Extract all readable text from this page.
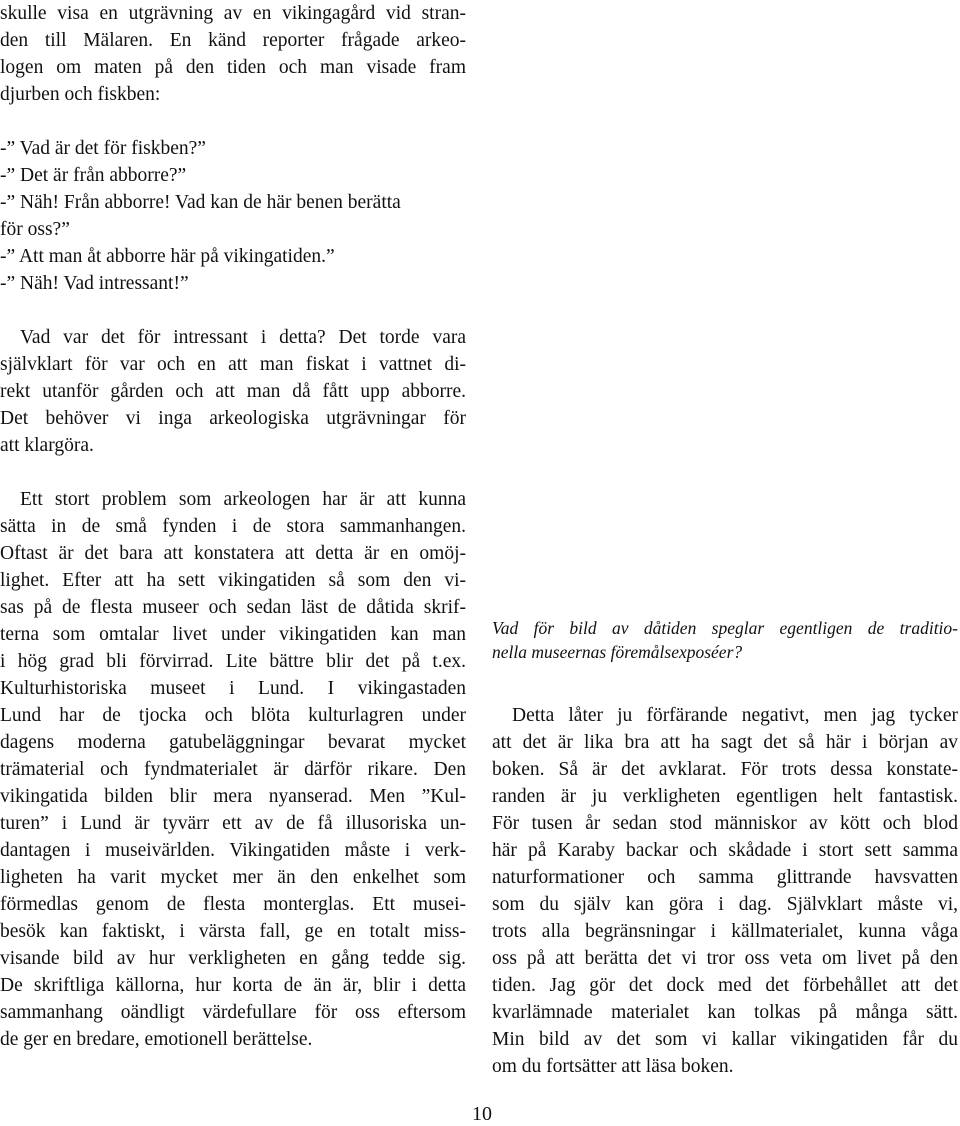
skulle visa en utgrävning av en vikingagård vid stran-
den till Mälaren. En känd reporter frågade arkeo-
logen om maten på den tiden och man visade fram
djurben och fiskben:
-” Vad är det för fiskben?”
-” Det är från abborre?”
-” Näh! Från abborre! Vad kan de här benen berätta
för oss?”
-” Att man åt abborre här på vikingatiden.”
-” Näh! Vad intressant!”
Vad var det för intressant i detta? Det torde vara
självklart för var och en att man fiskat i vattnet di-
rekt utanför gården och att man då fått upp abborre.
Det behöver vi inga arkeologiska utgrävningar för
att klargöra.
Ett stort problem som arkeologen har är att kunna
sätta in de små fynden i de stora sammanhangen.
Oftast är det bara att konstatera att detta är en omöj-
lighet. Efter att ha sett vikingatiden så som den vi-
sas på de flesta museer och sedan läst de dåtida skrif-
terna som omtalar livet under vikingatiden kan man
i hög grad bli förvirrad. Lite bättre blir det på t.ex.
Kulturhistoriska museet i Lund. I vikingastaden
Lund har de tjocka och blöta kulturlagren under
dagens moderna gatubeläggningar bevarat mycket
trämaterial och fyndmaterialet är därför rikare. Den
vikingatida bilden blir mera nyanserad. Men ”Kul-
turen” i Lund är tyvärr ett av de få illusoriska un-
dantagen i museivärlden. Vikingatiden måste i verk-
ligheten ha varit mycket mer än den enkelhet som
förmedlas genom de flesta monterglas. Ett musei-
besök kan faktiskt, i värsta fall, ge en totalt miss-
visande bild av hur verkligheten en gång tedde sig.
De skriftliga källorna, hur korta de än är, blir i detta
sammanhang oändligt värdefullare för oss eftersom
de ger en bredare, emotionell berättelse.
Vad för bild av dåtiden speglar egentligen de traditio-
nella museernas föremålsexposéer?
Detta låter ju förfärande negativt, men jag tycker
att det är lika bra att ha sagt det så här i början av
boken. Så är det avklarat. För trots dessa konstate-
randen är ju verkligheten egentligen helt fantastisk.
För tusen år sedan stod människor av kött och blod
här på Karaby backar och skådade i stort sett samma
naturformationer och samma glittrande havsvatten
som du själv kan göra i dag. Självklart måste vi,
trots alla begränsningar i källmaterialet, kunna våga
oss på att berätta det vi tror oss veta om livet på den
tiden. Jag gör det dock med det förbehållet att det
kvarlämnade materialet kan tolkas på många sätt.
Min bild av det som vi kallar vikingatiden får du
om du fortsätter att läsa boken.
10
